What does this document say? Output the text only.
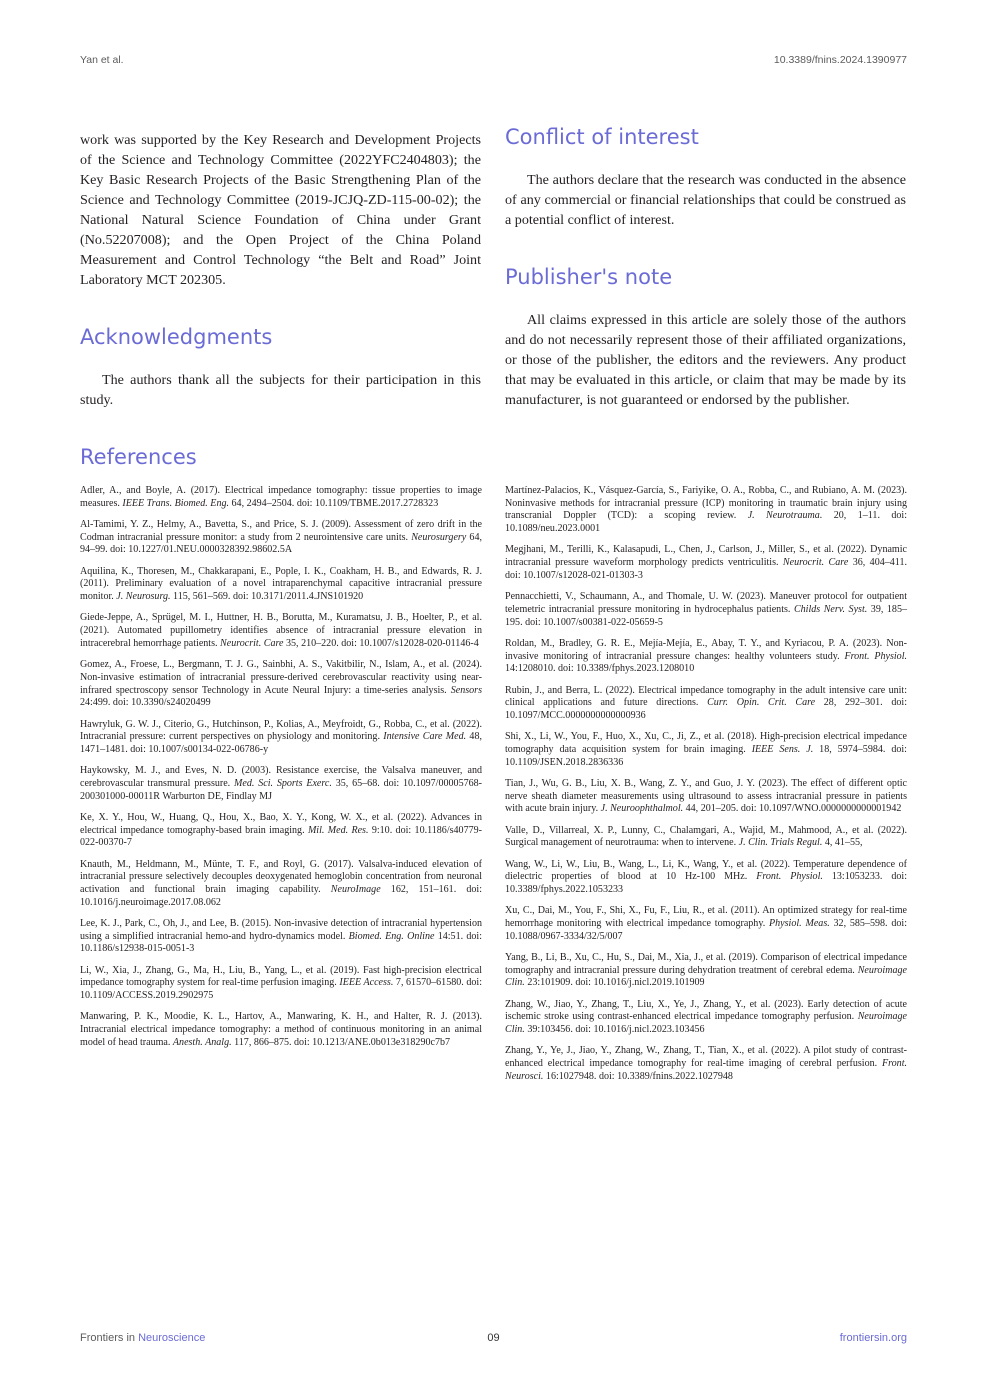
Yan et al.	10.3389/fnins.2024.1390977

work was supported by the Key Research and Development Projects of the Science and Technology Committee (2022YFC2404803); the Key Basic Research Projects of the Basic Strengthening Plan of the Science and Technology Committee (2019-JCJQ-ZD-115-00-02); the National Natural Science Foundation of China under Grant (No.52207008); and the Open Project of the China Poland Measurement and Control Technology “the Belt and Road” Joint Laboratory MCT 202305.

Acknowledgments

The authors thank all the subjects for their participation in this study.

Conflict of interest

The authors declare that the research was conducted in the absence of any commercial or financial relationships that could be construed as a potential conflict of interest.

Publisher's note

All claims expressed in this article are solely those of the authors and do not necessarily represent those of their affiliated organizations, or those of the publisher, the editors and the reviewers. Any product that may be evaluated in this article, or claim that may be made by its manufacturer, is not guaranteed or endorsed by the publisher.

References

Adler, A., and Boyle, A. (2017). Electrical impedance tomography: tissue properties to image measures. IEEE Trans. Biomed. Eng. 64, 2494–2504. doi: 10.1109/TBME.2017.2728323

Al-Tamimi, Y. Z., Helmy, A., Bavetta, S., and Price, S. J. (2009). Assessment of zero drift in the Codman intracranial pressure monitor: a study from 2 neurointensive care units. Neurosurgery 64, 94–99. doi: 10.1227/01.NEU.0000328392.98602.5A

Aquilina, K., Thoresen, M., Chakkarapani, E., Pople, I. K., Coakham, H. B., and Edwards, R. J. (2011). Preliminary evaluation of a novel intraparenchymal capacitive intracranial pressure monitor. J. Neurosurg. 115, 561–569. doi: 10.3171/2011.4.JNS101920

Giede-Jeppe, A., Sprügel, M. I., Huttner, H. B., Borutta, M., Kuramatsu, J. B., Hoelter, P., et al. (2021). Automated pupillometry identifies absence of intracranial pressure elevation in intracerebral hemorrhage patients. Neurocrit. Care 35, 210–220. doi: 10.1007/s12028-020-01146-4

Gomez, A., Froese, L., Bergmann, T. J. G., Sainbhi, A. S., Vakitbilir, N., Islam, A., et al. (2024). Non-invasive estimation of intracranial pressure-derived cerebrovascular reactivity using near-infrared spectroscopy sensor Technology in Acute Neural Injury: a time-series analysis. Sensors 24:499. doi: 10.3390/s24020499

Hawryluk, G. W. J., Citerio, G., Hutchinson, P., Kolias, A., Meyfroidt, G., Robba, C., et al. (2022). Intracranial pressure: current perspectives on physiology and monitoring. Intensive Care Med. 48, 1471–1481. doi: 10.1007/s00134-022-06786-y

Haykowsky, M. J., and Eves, N. D. (2003). Resistance exercise, the Valsalva maneuver, and cerebrovascular transmural pressure. Med. Sci. Sports Exerc. 35, 65–68. doi: 10.1097/00005768-200301000-00011R Warburton DE, Findlay MJ

Ke, X. Y., Hou, W., Huang, Q., Hou, X., Bao, X. Y., Kong, W. X., et al. (2022). Advances in electrical impedance tomography-based brain imaging. Mil. Med. Res. 9:10. doi: 10.1186/s40779-022-00370-7

Knauth, M., Heldmann, M., Münte, T. F., and Royl, G. (2017). Valsalva-induced elevation of intracranial pressure selectively decouples deoxygenated hemoglobin concentration from neuronal activation and functional brain imaging capability. NeuroImage 162, 151–161. doi: 10.1016/j.neuroimage.2017.08.062

Lee, K. J., Park, C., Oh, J., and Lee, B. (2015). Non-invasive detection of intracranial hypertension using a simplified intracranial hemo-and hydro-dynamics model. Biomed. Eng. Online 14:51. doi: 10.1186/s12938-015-0051-3

Li, W., Xia, J., Zhang, G., Ma, H., Liu, B., Yang, L., et al. (2019). Fast high-precision electrical impedance tomography system for real-time perfusion imaging. IEEE Access. 7, 61570–61580. doi: 10.1109/ACCESS.2019.2902975

Manwaring, P. K., Moodie, K. L., Hartov, A., Manwaring, K. H., and Halter, R. J. (2013). Intracranial electrical impedance tomography: a method of continuous monitoring in an animal model of head trauma. Anesth. Analg. 117, 866–875. doi: 10.1213/ANE.0b013e318290c7b7

Martínez-Palacios, K., Vásquez-García, S., Fariyike, O. A., Robba, C., and Rubiano, A. M. (2023). Noninvasive methods for intracranial pressure (ICP) monitoring in traumatic brain injury using transcranial Doppler (TCD): a scoping review. J. Neurotrauma. 20, 1–11. doi: 10.1089/neu.2023.0001

Megjhani, M., Terilli, K., Kalasapudi, L., Chen, J., Carlson, J., Miller, S., et al. (2022). Dynamic intracranial pressure waveform morphology predicts ventriculitis. Neurocrit. Care 36, 404–411. doi: 10.1007/s12028-021-01303-3

Pennacchietti, V., Schaumann, A., and Thomale, U. W. (2023). Maneuver protocol for outpatient telemetric intracranial pressure monitoring in hydrocephalus patients. Childs Nerv. Syst. 39, 185–195. doi: 10.1007/s00381-022-05659-5

Roldan, M., Bradley, G. R. E., Mejía-Mejía, E., Abay, T. Y., and Kyriacou, P. A. (2023). Non-invasive monitoring of intracranial pressure changes: healthy volunteers study. Front. Physiol. 14:1208010. doi: 10.3389/fphys.2023.1208010

Rubin, J., and Berra, L. (2022). Electrical impedance tomography in the adult intensive care unit: clinical applications and future directions. Curr. Opin. Crit. Care 28, 292–301. doi: 10.1097/MCC.0000000000000936

Shi, X., Li, W., You, F., Huo, X., Xu, C., Ji, Z., et al. (2018). High-precision electrical impedance tomography data acquisition system for brain imaging. IEEE Sens. J. 18, 5974–5984. doi: 10.1109/JSEN.2018.2836336

Tian, J., Wu, G. B., Liu, X. B., Wang, Z. Y., and Guo, J. Y. (2023). The effect of different optic nerve sheath diameter measurements using ultrasound to assess intracranial pressure in patients with acute brain injury. J. Neuroophthalmol. 44, 201–205. doi: 10.1097/WNO.0000000000001942

Valle, D., Villarreal, X. P., Lunny, C., Chalamgari, A., Wajid, M., Mahmood, A., et al. (2022). Surgical management of neurotrauma: when to intervene. J. Clin. Trials Regul. 4, 41–55,

Wang, W., Li, W., Liu, B., Wang, L., Li, K., Wang, Y., et al. (2022). Temperature dependence of dielectric properties of blood at 10 Hz-100 MHz. Front. Physiol. 13:1053233. doi: 10.3389/fphys.2022.1053233

Xu, C., Dai, M., You, F., Shi, X., Fu, F., Liu, R., et al. (2011). An optimized strategy for real-time hemorrhage monitoring with electrical impedance tomography. Physiol. Meas. 32, 585–598. doi: 10.1088/0967-3334/32/5/007

Yang, B., Li, B., Xu, C., Hu, S., Dai, M., Xia, J., et al. (2019). Comparison of electrical impedance tomography and intracranial pressure during dehydration treatment of cerebral edema. Neuroimage Clin. 23:101909. doi: 10.1016/j.nicl.2019.101909

Zhang, W., Jiao, Y., Zhang, T., Liu, X., Ye, J., Zhang, Y., et al. (2023). Early detection of acute ischemic stroke using contrast-enhanced electrical impedance tomography perfusion. Neuroimage Clin. 39:103456. doi: 10.1016/j.nicl.2023.103456

Zhang, Y., Ye, J., Jiao, Y., Zhang, W., Zhang, T., Tian, X., et al. (2022). A pilot study of contrast-enhanced electrical impedance tomography for real-time imaging of cerebral perfusion. Front. Neurosci. 16:1027948. doi: 10.3389/fnins.2022.1027948

Frontiers in Neuroscience	09	frontiersin.org
